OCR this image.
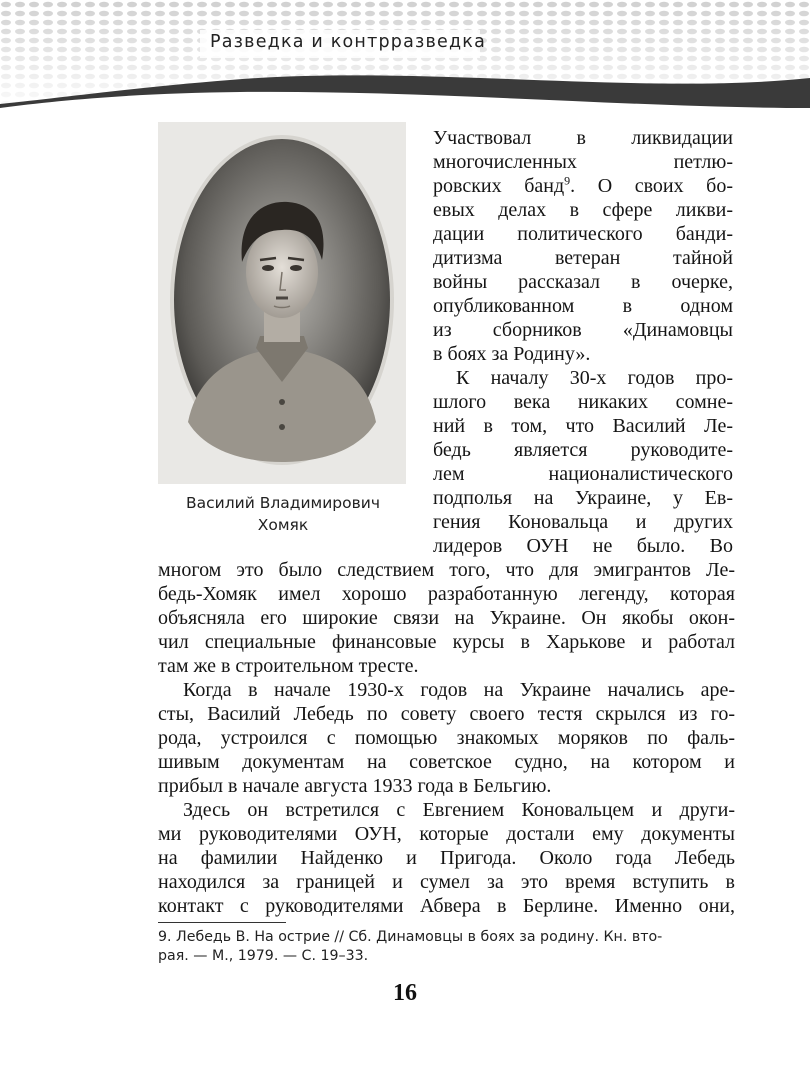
Разведка и контрразведка
Василий Владимирович
Хомяк
Участвовал в ликвидации
многочисленных петлю-
ровских банд$^9$. О своих бо-
евых делах в сфере ликви-
дации политического банди-
дитизма ветеран тайной
войны рассказал в очерке,
опубликованном в одном
из сборников «Динамовцы
в боях за Родину».
К началу 30-х годов про-
шлого века никаких сомне-
ний в том, что Василий Ле-
бедь является руководите-
лем националистического
подполья на Украине, у Ев-
гения Коновальца и других
лидеров ОУН не было. Во
многом это было следствием того, что для эмигрантов Ле-
бедь-Хомяк имел хорошо разработанную легенду, которая
объясняла его широкие связи на Украине. Он якобы окон-
чил специальные финансовые курсы в Харькове и работал
там же в строительном тресте.
Когда в начале 1930-х годов на Украине начались аре-
сты, Василий Лебедь по совету своего тестя скрылся из го-
рода, устроился с помощью знакомых моряков по фаль-
шивым документам на советское судно, на котором и
прибыл в начале августа 1933 года в Бельгию.
Здесь он встретился с Евгением Коновальцем и други-
ми руководителями ОУН, которые достали ему документы
на фамилии Найденко и Пригода. Около года Лебедь
находился за границей и сумел за это время вступить в
контакт с руководителями Абвера в Берлине. Именно они,
9. Лебедь В. На острие // Сб. Динамовцы в боях за родину. Кн. вто-
рая. — М., 1979. — С. 19–33.
16
